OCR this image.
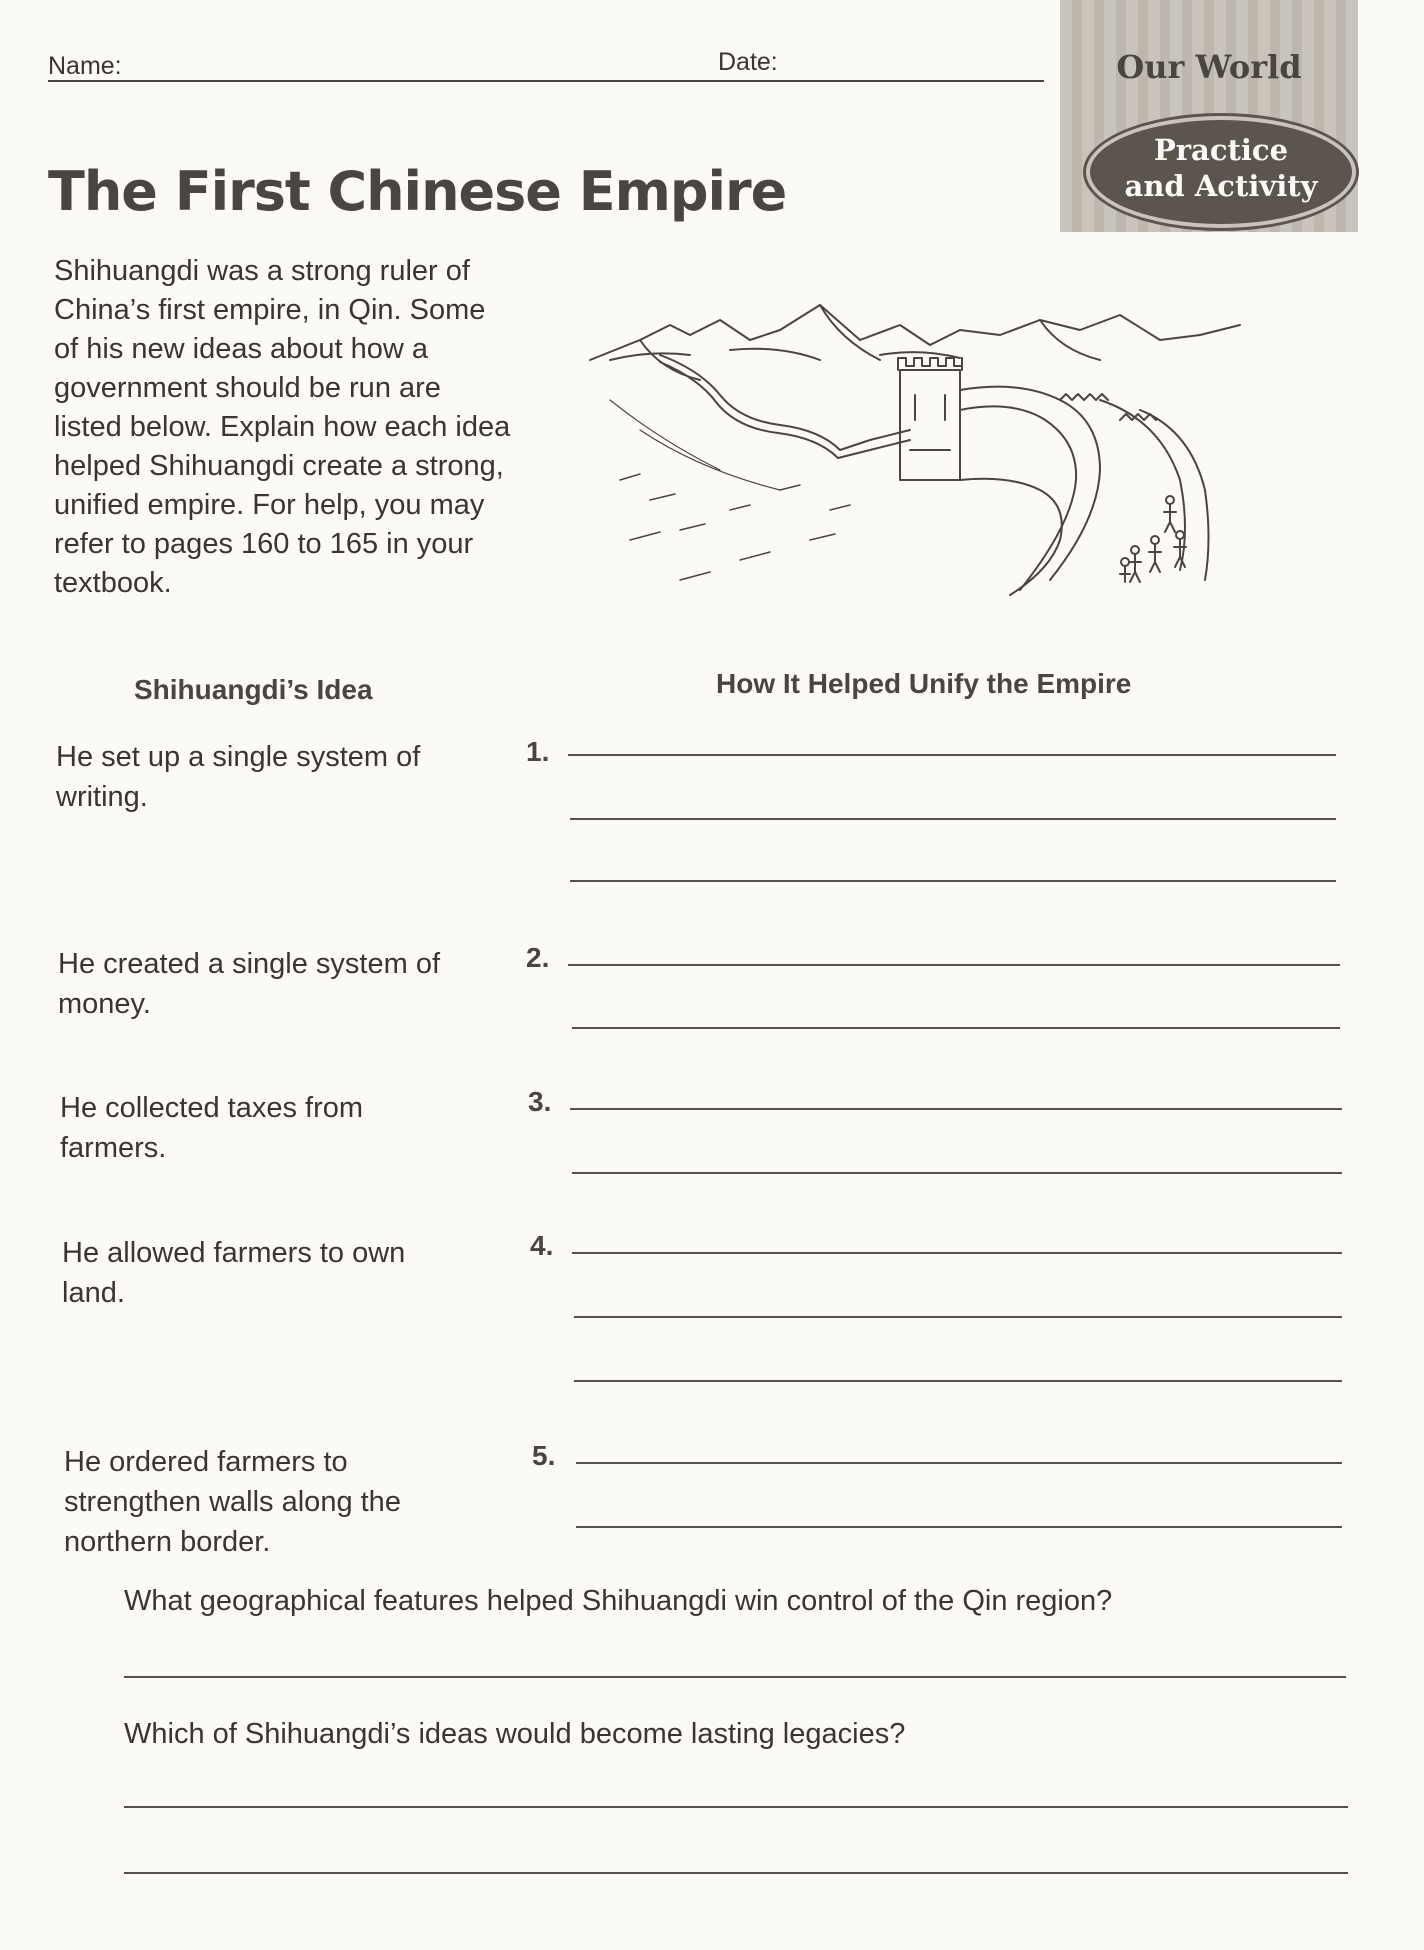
Name:	Date:	Our World
Practice
and Activity
The First Chinese Empire
Shihuangdi was a strong ruler of China’s first empire, in Qin. Some of his new ideas about how a government should be run are listed below. Explain how each idea helped Shihuangdi create a strong, unified empire. For help, you may refer to pages 160 to 165 in your textbook.
Shihuangdi’s Idea	How It Helped Unify the Empire
He set up a single system of writing.
1.
He created a single system of money.
2.
He collected taxes from farmers.
3.
He allowed farmers to own land.
4.
He ordered farmers to strengthen walls along the northern border.
5.
What geographical features helped Shihuangdi win control of the Qin region?
Which of Shihuangdi’s ideas would become lasting legacies?
